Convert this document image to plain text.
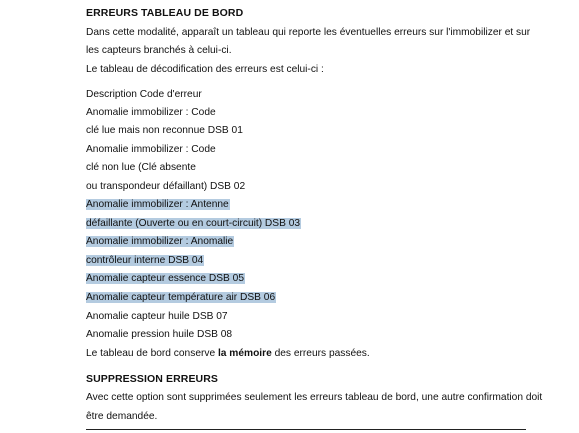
ERREURS TABLEAU DE BORD
Dans cette modalité, apparaît un tableau qui reporte les éventuelles erreurs sur l'immobilizer et sur
les capteurs branchés à celui-ci.
Le tableau de décodification des erreurs est celui-ci :
Description Code d'erreur
Anomalie immobilizer : Code
clé lue mais non reconnue DSB 01
Anomalie immobilizer : Code
clé non lue (Clé absente
ou transpondeur défaillant) DSB 02
Anomalie immobilizer : Antenne
défaillante (Ouverte ou en court-circuit) DSB 03
Anomalie immobilizer : Anomalie
contrôleur interne DSB 04
Anomalie capteur essence DSB 05
Anomalie capteur température air DSB 06
Anomalie capteur huile DSB 07
Anomalie pression huile DSB 08
Le tableau de bord conserve la mémoire des erreurs passées.
SUPPRESSION ERREURS
Avec cette option sont supprimées seulement les erreurs tableau de bord, une autre confirmation doit
être demandée.
